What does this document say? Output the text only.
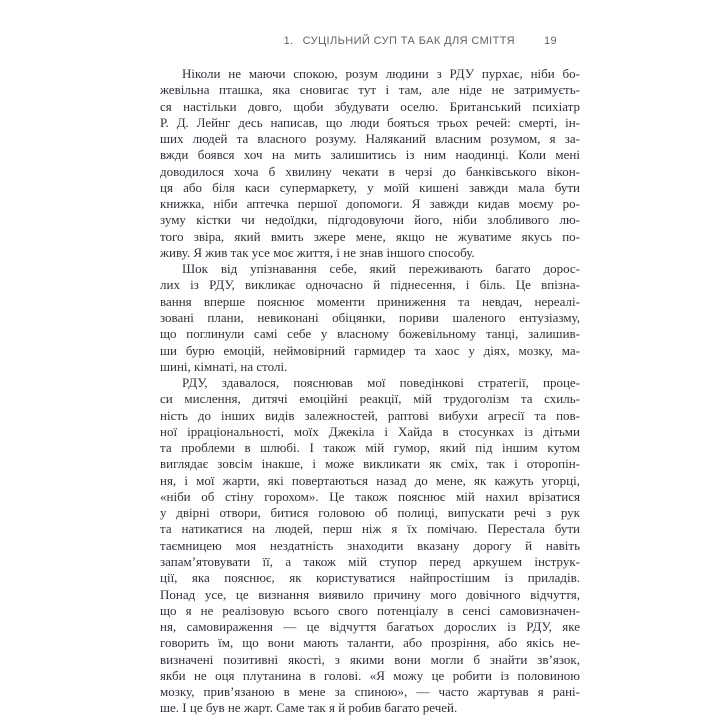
1. СУЦІЛЬНИЙ СУП ТА БАК ДЛЯ СМІТТЯ	19
Ніколи не маючи спокою, розум людини з РДУ пурхає, ніби бо-
жевільна пташка, яка сновигає тут і там, але ніде не затримуєть-
ся настільки довго, щоби збудувати оселю. Британський психіатр
Р. Д. Лейнг десь написав, що люди бояться трьох речей: смерті, ін-
ших людей та власного розуму. Наляканий власним розумом, я за-
вжди боявся хоч на мить залишитись із ним наодинці. Коли мені
доводилося хоча б хвилину чекати в черзі до банківського вікон-
ця або біля каси супермаркету, у моїй кишені завжди мала бути
книжка, ніби аптечка першої допомоги. Я завжди кидав моєму ро-
зуму кістки чи недоїдки, підгодовуючи його, ніби злобливого лю-
того звіра, який вмить зжере мене, якщо не жуватиме якусь по-
живу. Я жив так усе моє життя, і не знав іншого способу.
Шок від упізнавання себе, який переживають багато дорос-
лих із РДУ, викликає одночасно й піднесення, і біль. Це впізна-
вання вперше пояснює моменти приниження та невдач, нереалі-
зовані плани, невиконані обіцянки, пориви шаленого ентузіазму,
що поглинули самі себе у власному божевільному танці, залишив-
ши бурю емоцій, неймовірний гармидер та хаос у діях, мозку, ма-
шині, кімнаті, на столі.
РДУ, здавалося, пояснював мої поведінкові стратегії, проце-
си мислення, дитячі емоційні реакції, мій трудоголізм та схиль-
ність до інших видів залежностей, раптові вибухи агресії та пов-
ної ірраціональності, моїх Джекіла і Хайда в стосунках із дітьми
та проблеми в шлюбі. І також мій гумор, який під іншим кутом
виглядає зовсім інакше, і може викликати як сміх, так і оторопін-
ня, і мої жарти, які повертаються назад до мене, як кажуть угорці,
«ніби об стіну горохом». Це також пояснює мій нахил врізатися
у двірні отвори, битися головою об полиці, випускати речі з рук
та натикатися на людей, перш ніж я їх помічаю. Перестала бути
таємницею моя нездатність знаходити вказану дорогу й навіть
запам’ятовувати її, а також мій ступор перед аркушем інструк-
ції, яка пояснює, як користуватися найпростішим із приладів.
Понад усе, це визнання виявило причину мого довічного відчуття,
що я не реалізовую всього свого потенціалу в сенсі самовизначен-
ня, самовираження — це відчуття багатьох дорослих із РДУ, яке
говорить їм, що вони мають таланти, або прозріння, або якісь не-
визначені позитивні якості, з якими вони могли б знайти зв’язок,
якби не оця плутанина в голові. «Я можу це робити із половиною
мозку, прив’язаною в мене за спиною», — часто жартував я рані-
ше. І це був не жарт. Саме так я й робив багато речей.
